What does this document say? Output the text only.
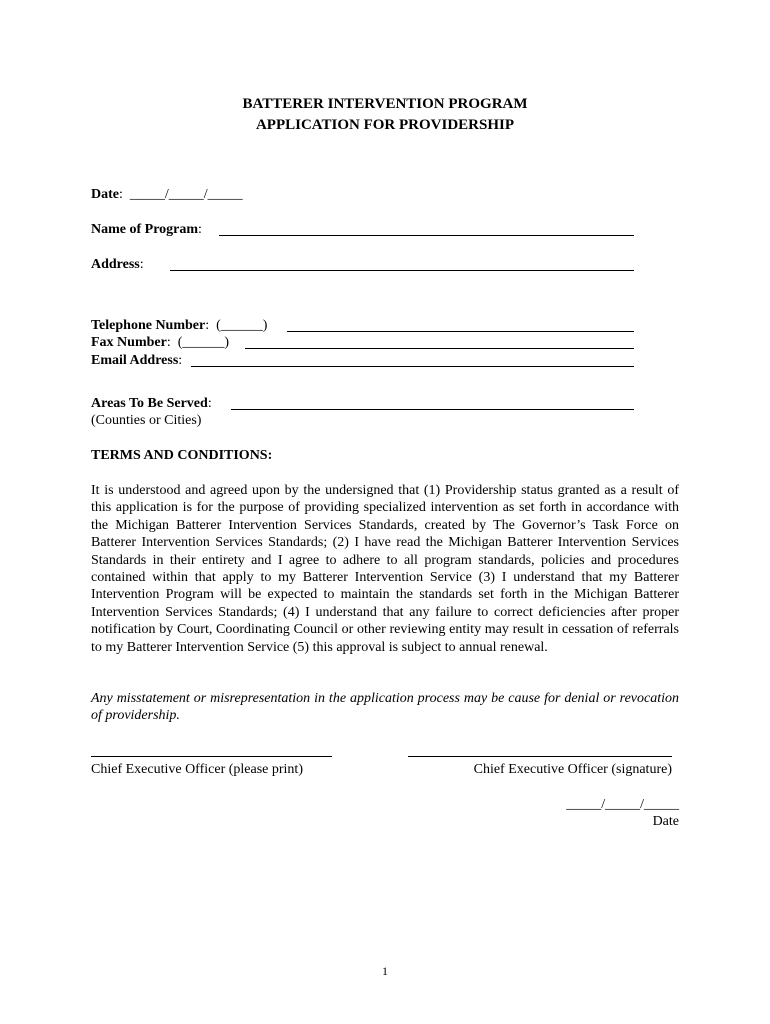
BATTERER INTERVENTION PROGRAM
APPLICATION FOR PROVIDERSHIP
Date:  _____/_____/_____
Name of Program:
Address:
Telephone Number:  (______)
Fax Number:  (______)
Email Address:
Areas To Be Served:
(Counties or Cities)
TERMS AND CONDITIONS:
It is understood and agreed upon by the undersigned that (1) Providership status granted as a result of this application is for the purpose of providing specialized intervention as set forth in accordance with the Michigan Batterer Intervention Services Standards, created by The Governor’s Task Force on Batterer Intervention Services Standards; (2) I have read the Michigan Batterer Intervention Services Standards in their entirety and I agree to adhere to all program standards, policies and procedures contained within that apply to my Batterer Intervention Service (3) I understand that my Batterer Intervention Program will be expected to maintain the standards set forth in the Michigan Batterer Intervention Services Standards; (4) I understand that any failure to correct deficiencies after proper notification by Court, Coordinating Council or other reviewing entity may result in cessation of referrals to my Batterer Intervention Service (5) this approval is subject to annual renewal.
Any misstatement or misrepresentation in the application process may be cause for denial or revocation of providership.
Chief Executive Officer (please print)	Chief Executive Officer (signature)
_____/_____/_____
Date
1
